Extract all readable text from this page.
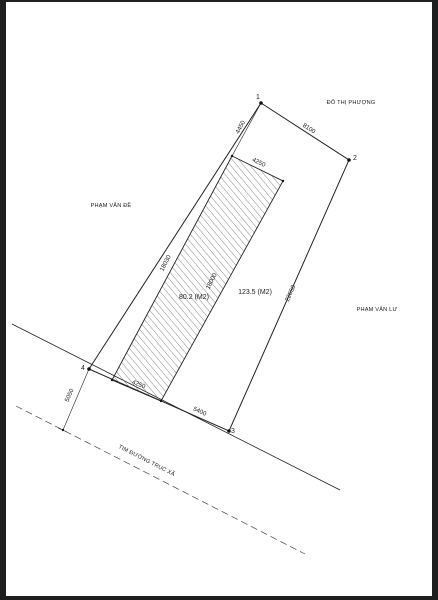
1
2
3
4
8100
22650
5400
4450
4250
4250
18030
18000
5050
80.2 (M2)
123.5 (M2)
ĐỖ THỊ PHƯỢNG
PHẠM VĂN ĐỀ
PHẠM VĂN LƯ
TIM ĐƯỜNG TRỤC XÃ
